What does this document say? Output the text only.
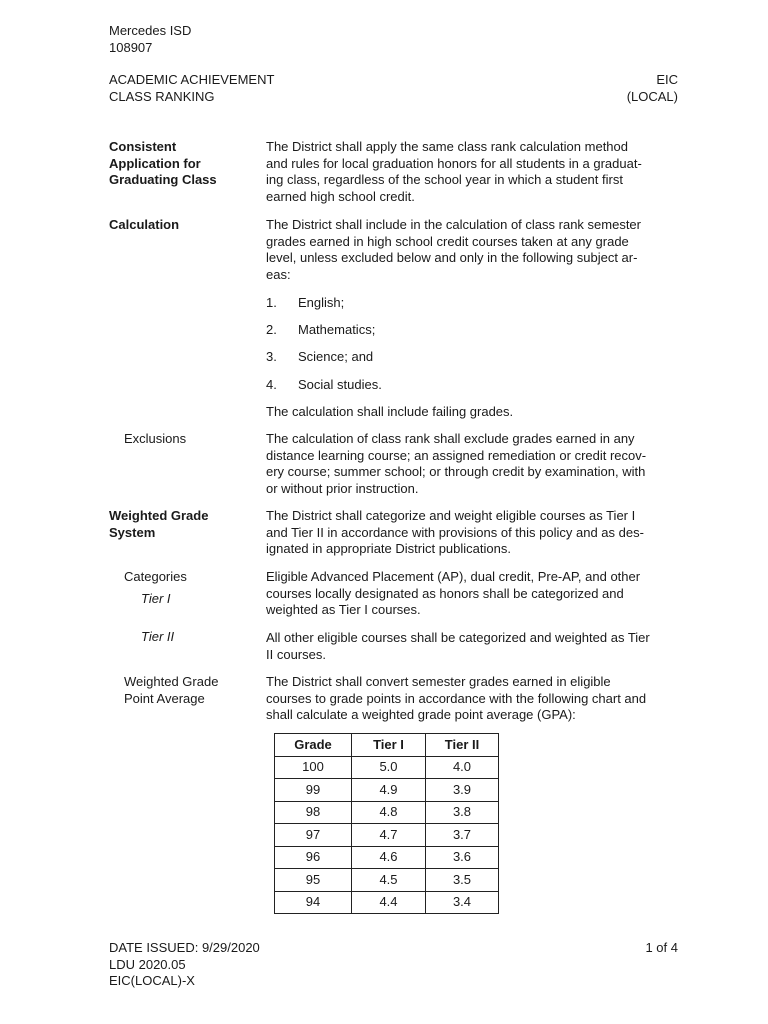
Mercedes ISD
108907
ACADEMIC ACHIEVEMENT
CLASS RANKING
EIC
(LOCAL)
Consistent
Application for
Graduating Class
The District shall apply the same class rank calculation method
and rules for local graduation honors for all students in a graduat-
ing class, regardless of the school year in which a student first
earned high school credit.
Calculation	The District shall include in the calculation of class rank semester
grades earned in high school credit courses taken at any grade
level, unless excluded below and only in the following subject ar-
eas:
1.	English;
2.	Mathematics;
3.	Science; and
4.	Social studies.
The calculation shall include failing grades.
Exclusions	The calculation of class rank shall exclude grades earned in any
distance learning course; an assigned remediation or credit recov-
ery course; summer school; or through credit by examination, with
or without prior instruction.
Weighted Grade
System
The District shall categorize and weight eligible courses as Tier I
and Tier II in accordance with provisions of this policy and as des-
ignated in appropriate District publications.
Categories
Tier I
Eligible Advanced Placement (AP), dual credit, Pre-AP, and other
courses locally designated as honors shall be categorized and
weighted as Tier I courses.
Tier II	All other eligible courses shall be categorized and weighted as Tier
II courses.
Weighted Grade
Point Average
The District shall convert semester grades earned in eligible
courses to grade points in accordance with the following chart and
shall calculate a weighted grade point average (GPA):
Grade	Tier I	Tier II
100	5.0	4.0
99	4.9	3.9
98	4.8	3.8
97	4.7	3.7
96	4.6	3.6
95	4.5	3.5
94	4.4	3.4
DATE ISSUED: 9/29/2020
LDU 2020.05
EIC(LOCAL)-X
1 of 4
